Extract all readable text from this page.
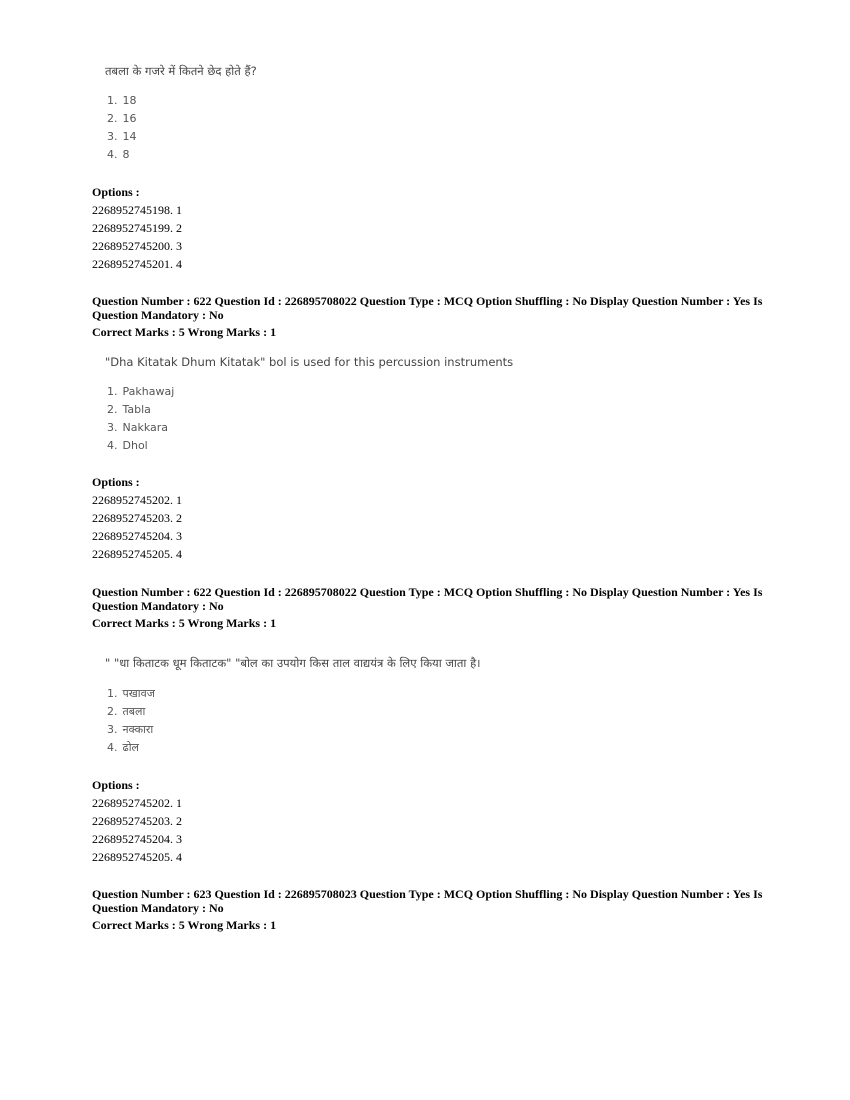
तबला के गजरे में कितने छेद होते हैं?
1. 18
2. 16
3. 14
4. 8
Options :
2268952745198. 1
2268952745199. 2
2268952745200. 3
2268952745201. 4
Question Number : 622 Question Id : 226895708022 Question Type : MCQ Option Shuffling : No Display Question Number : Yes Is Question Mandatory : No
Correct Marks : 5 Wrong Marks : 1
"Dha Kitatak Dhum Kitatak" bol is used for this percussion instruments
1. Pakhawaj
2. Tabla
3. Nakkara
4. Dhol
Options :
2268952745202. 1
2268952745203. 2
2268952745204. 3
2268952745205. 4
Question Number : 622 Question Id : 226895708022 Question Type : MCQ Option Shuffling : No Display Question Number : Yes Is Question Mandatory : No
Correct Marks : 5 Wrong Marks : 1
" "धा किताटक धूम किताटक" "बोल का उपयोग किस ताल वाद्ययंत्र के लिए किया जाता है।
1. पखावज
2. तबला
3. नक्कारा
4. ढोल
Options :
2268952745202. 1
2268952745203. 2
2268952745204. 3
2268952745205. 4
Question Number : 623 Question Id : 226895708023 Question Type : MCQ Option Shuffling : No Display Question Number : Yes Is Question Mandatory : No
Correct Marks : 5 Wrong Marks : 1
